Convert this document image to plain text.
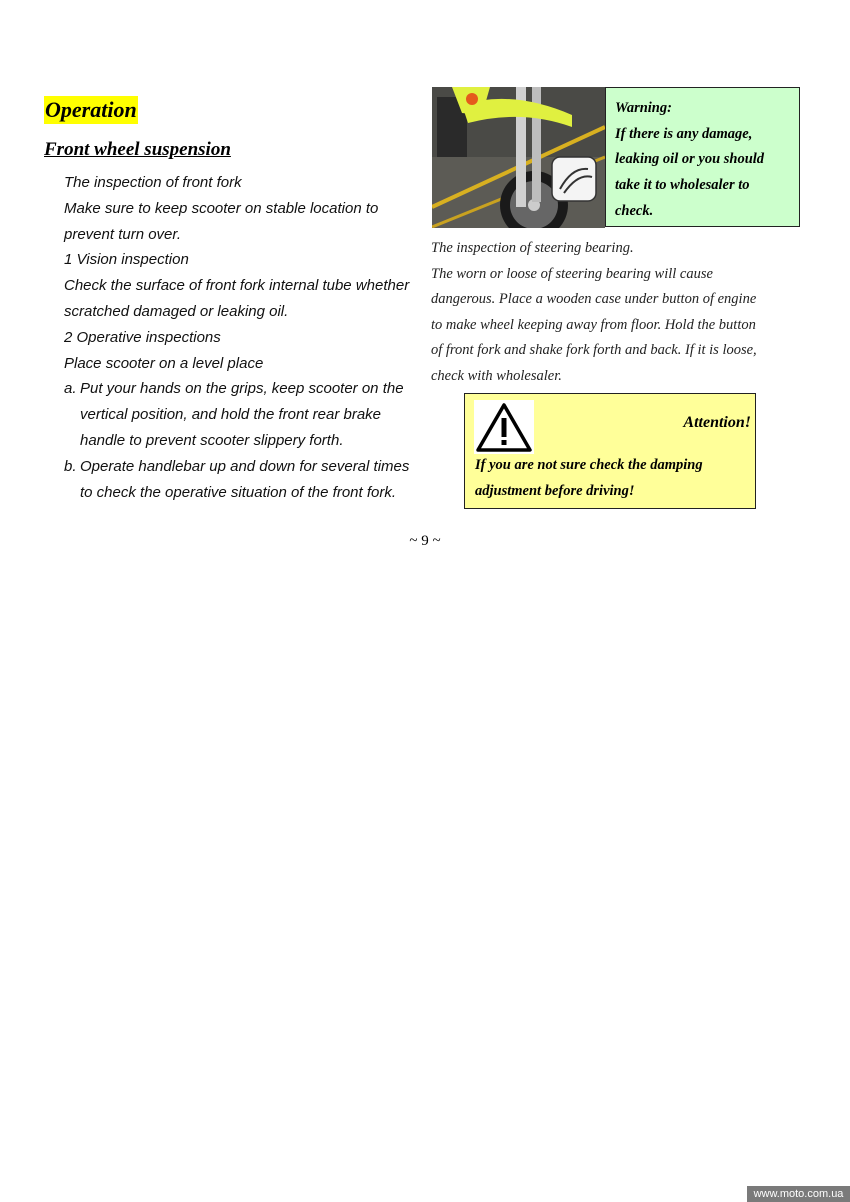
Operation
Front wheel suspension
The inspection of front fork
Make sure to keep scooter on stable location to
prevent turn over.
1 Vision inspection
Check the surface of front fork internal tube whether
scratched damaged or leaking oil.
2 Operative inspections
Place scooter on a level place
a. Put your hands on the grips, keep scooter on the
vertical position, and hold the front rear brake
handle to prevent scooter slippery forth.
b. Operate handlebar up and down for several times
to check the operative situation of the front fork.
Warning:
If there is any damage,
leaking oil or you should
take it to wholesaler to
check.
The inspection of steering bearing.
The worn or loose of steering bearing will cause
dangerous. Place a wooden case under button of engine
to make wheel keeping away from floor. Hold the button
of front fork and shake fork forth and back. If it is loose,
check with wholesaler.
Attention!
If you are not sure check the damping
adjustment before driving!
~ 9 ~
www.moto.com.ua
